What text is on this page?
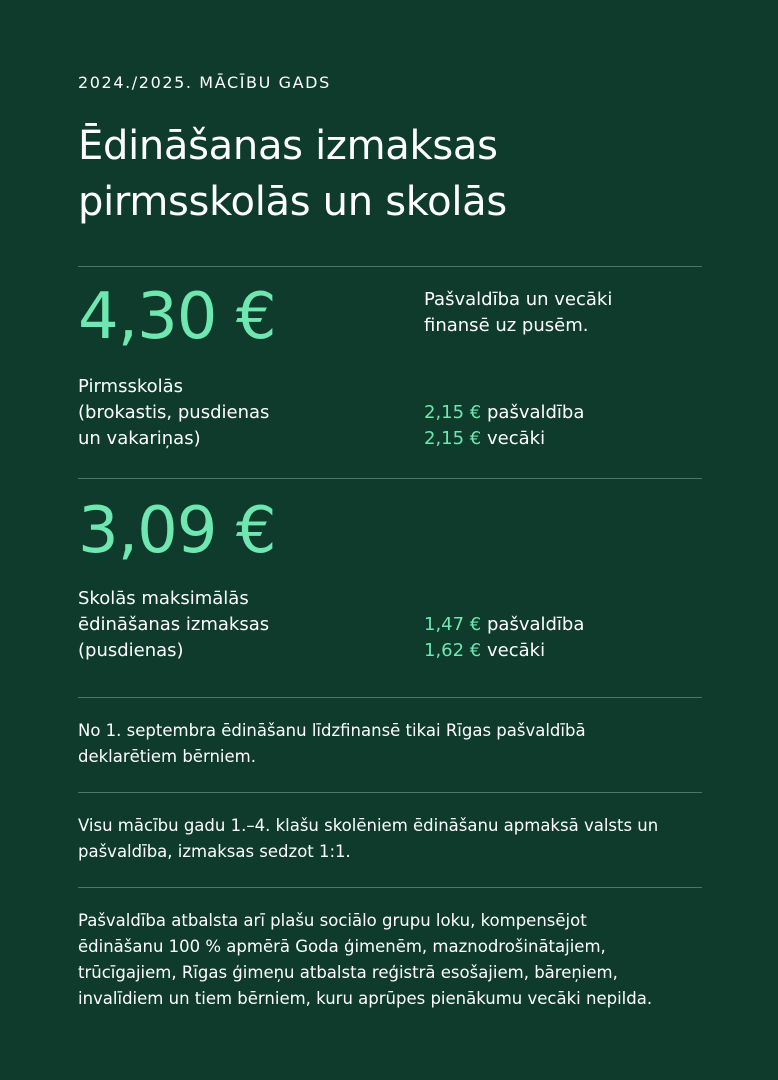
2024./2025. MĀCĪBU GADS
Ēdināšanas izmaksas
pirmsskolās un skolās
4,30 €	Pašvaldība un vecāki
finansē uz pusēm.
Pirmsskolās
(brokastis, pusdienas
un vakariņas)
2,15 € pašvaldība
2,15 € vecāki
3,09 €
Skolās maksimālās
ēdināšanas izmaksas
(pusdienas)
1,47 € pašvaldība
1,62 € vecāki
No 1. septembra ēdināšanu līdzfinansē tikai Rīgas pašvaldībā
deklarētiem bērniem.
Visu mācību gadu 1.–4. klašu skolēniem ēdināšanu apmaksā valsts un
pašvaldība, izmaksas sedzot 1:1.
Pašvaldība atbalsta arī plašu sociālo grupu loku, kompensējot
ēdināšanu 100 % apmērā Goda ģimenēm, maznodrošinātajiem,
trūcīgajiem, Rīgas ģimeņu atbalsta reģistrā esošajiem, bāreņiem,
invalīdiem un tiem bērniem, kuru aprūpes pienākumu vecāki nepilda.
